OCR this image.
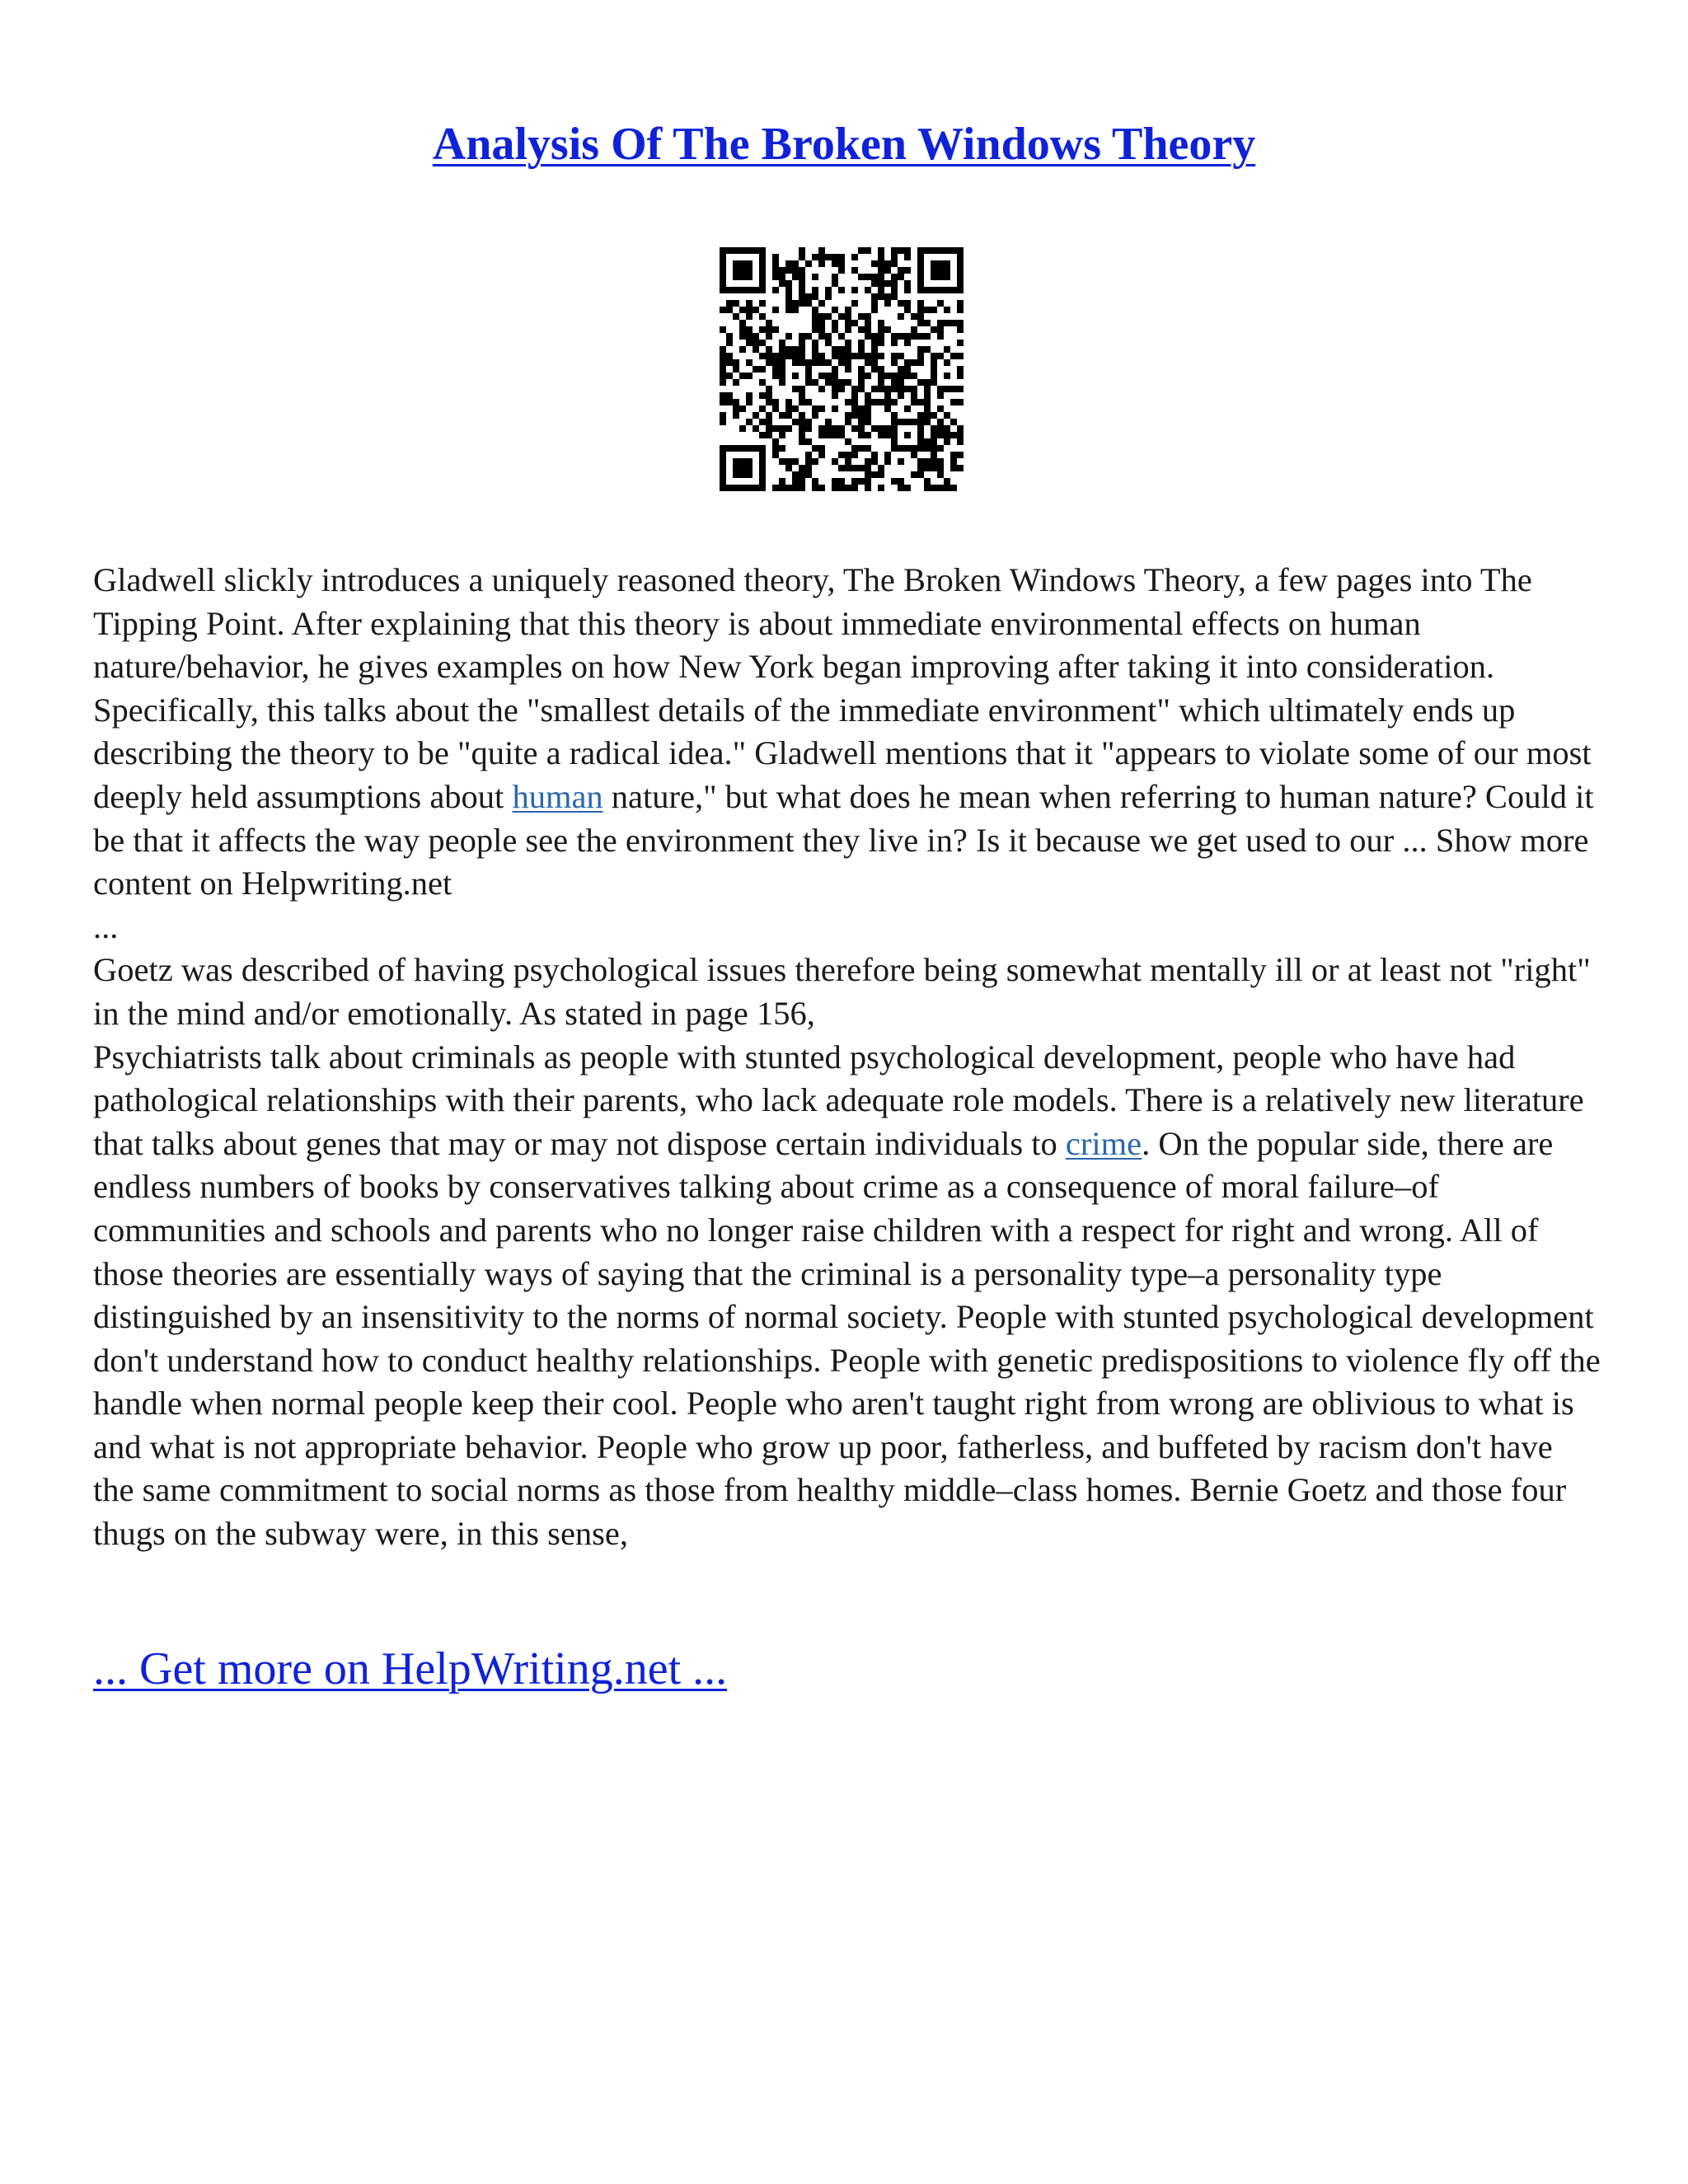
Analysis Of The Broken Windows Theory

Gladwell slickly introduces a uniquely reasoned theory, The Broken Windows Theory, a few pages into The Tipping Point. After explaining that this theory is about immediate environmental effects on human nature/behavior, he gives examples on how New York began improving after taking it into consideration. Specifically, this talks about the "smallest details of the immediate environment" which ultimately ends up describing the theory to be "quite a radical idea." Gladwell mentions that it "appears to violate some of our most deeply held assumptions about human nature," but what does he mean when referring to human nature? Could it be that it affects the way people see the environment they live in? Is it because we get used to our ... Show more content on Helpwriting.net

...

Goetz was described of having psychological issues therefore being somewhat mentally ill or at least not "right" in the mind and/or emotionally. As stated in page 156,

Psychiatrists talk about criminals as people with stunted psychological development, people who have had pathological relationships with their parents, who lack adequate role models. There is a relatively new literature that talks about genes that may or may not dispose certain individuals to crime. On the popular side, there are endless numbers of books by conservatives talking about crime as a consequence of moral failure–of communities and schools and parents who no longer raise children with a respect for right and wrong. All of those theories are essentially ways of saying that the criminal is a personality type–a personality type distinguished by an insensitivity to the norms of normal society. People with stunted psychological development don't understand how to conduct healthy relationships. People with genetic predispositions to violence fly off the handle when normal people keep their cool. People who aren't taught right from wrong are oblivious to what is and what is not appropriate behavior. People who grow up poor, fatherless, and buffeted by racism don't have the same commitment to social norms as those from healthy middle–class homes. Bernie Goetz and those four thugs on the subway were, in this sense,

... Get more on HelpWriting.net ...
